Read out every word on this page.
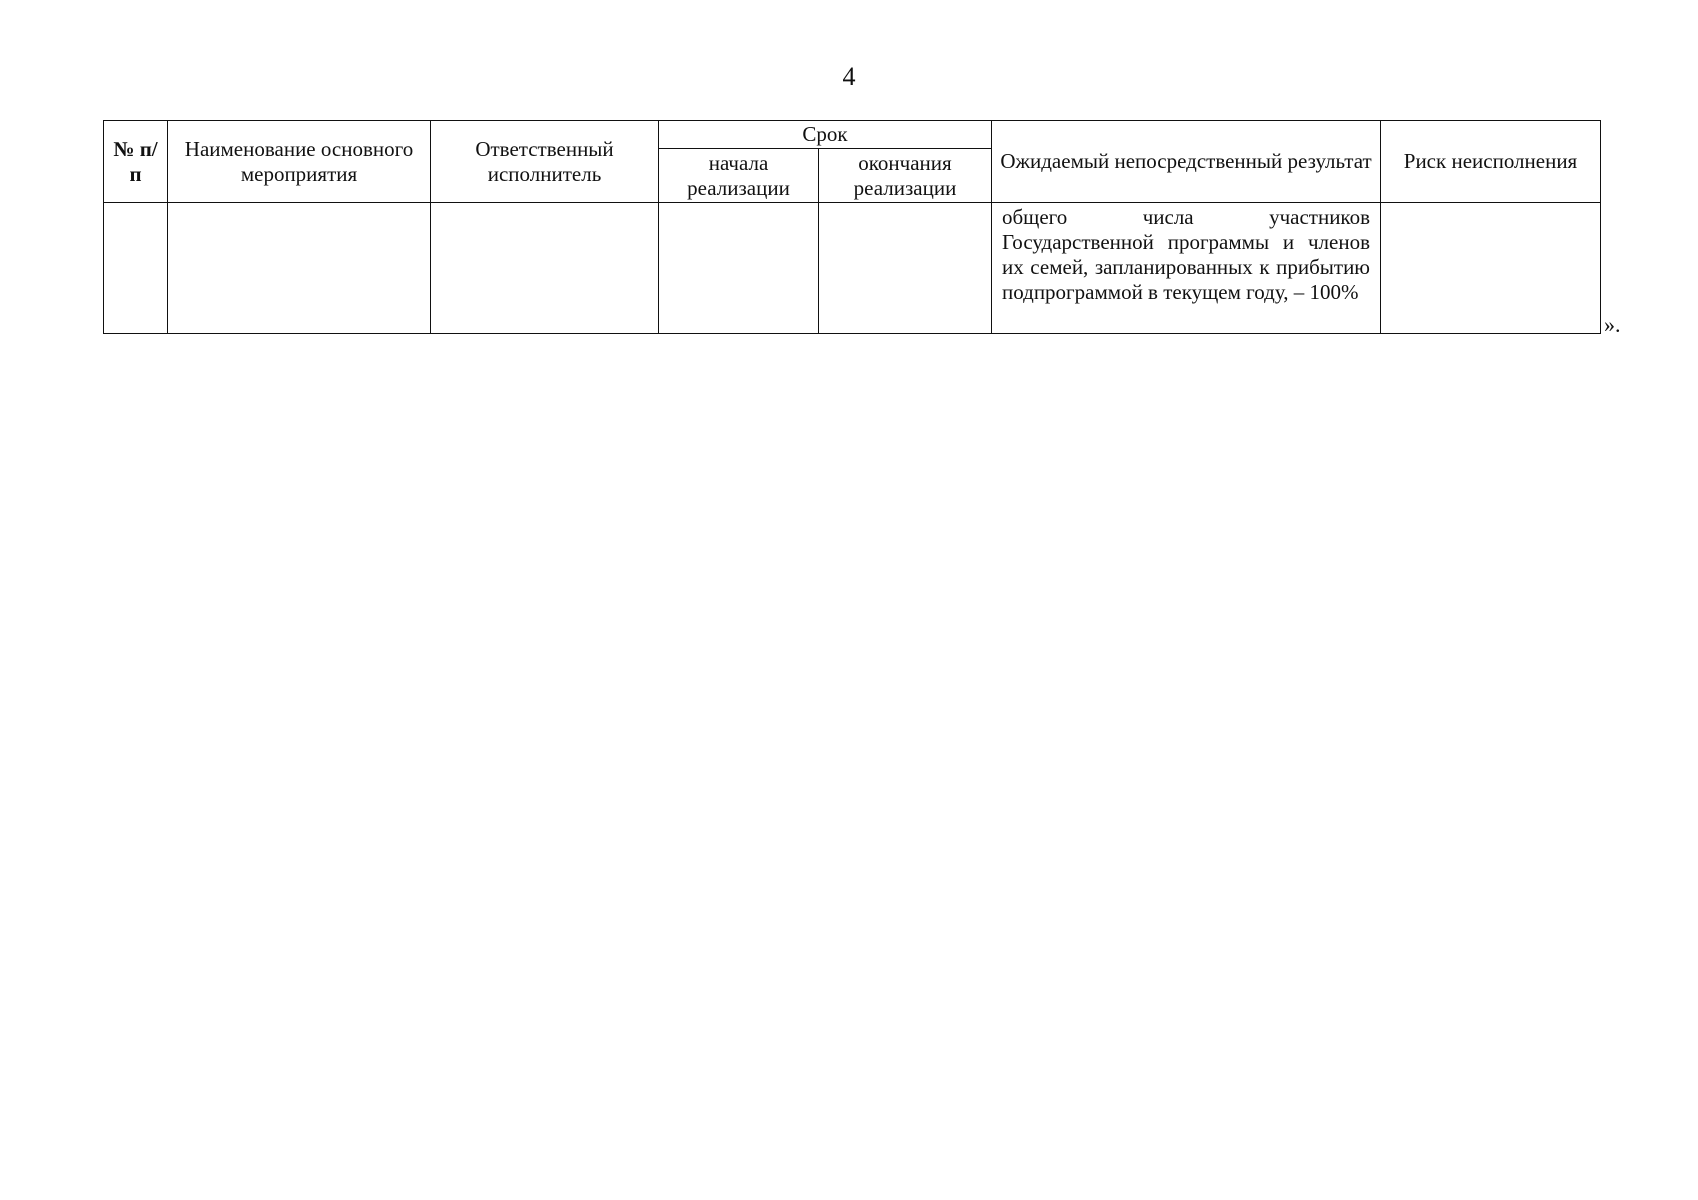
4
№ п/п	Наименование основного мероприятия	Ответственный исполнитель	Срок		Ожидаемый непосредственный результат	Риск неисполнения
			начала реализации	окончания реализации		
					общего числа участников Государственной программы и членов их семей, запланированных к прибытию подпрограммой в текущем году, – 100%	
».
